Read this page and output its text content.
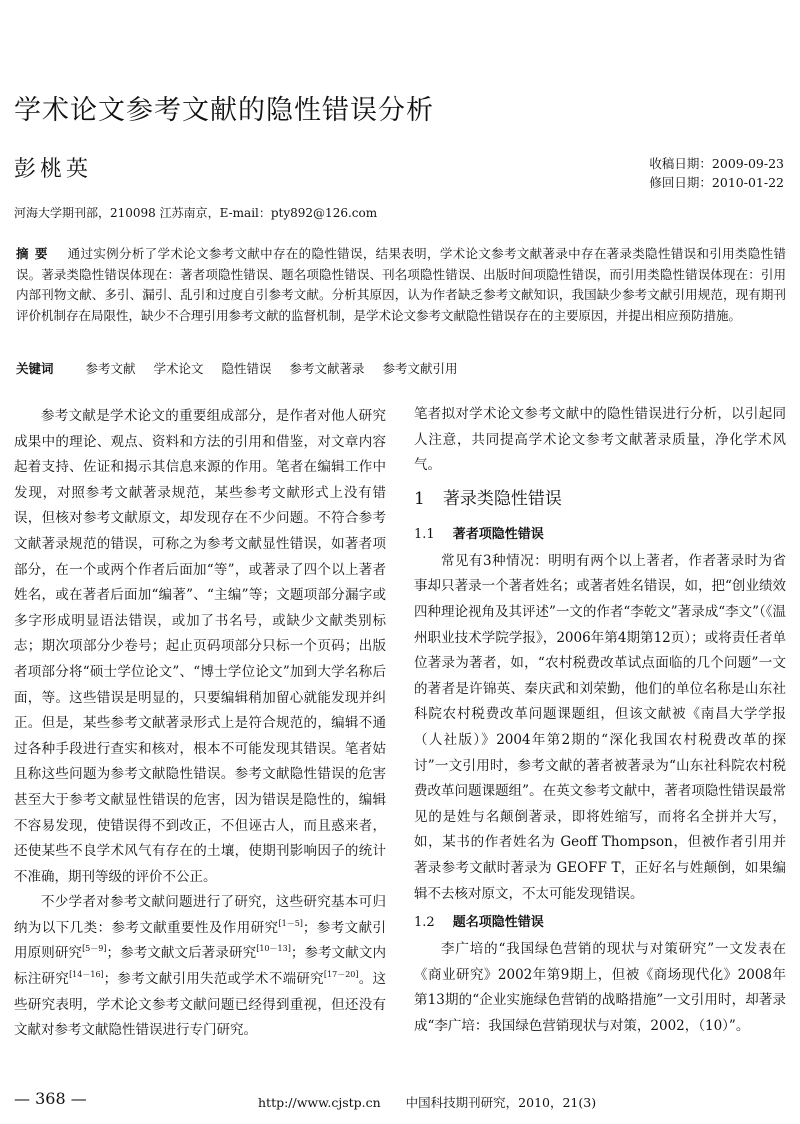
学术论文参考文献的隐性错误分析
彭桃英	收稿日期：2009-09-23
修回日期：2010-01-22
河海大学期刊部，210098 江苏南京，E-mail：pty892@126.com
摘要 通过实例分析了学术论文参考文献中存在的隐性错误，结果表明，学术论文参考文献著录中存在著录类隐性错误和引用类隐性错误。著录类隐性错误体现在：著者项隐性错误、题名项隐性错误、刊名项隐性错误、出版时间项隐性错误，而引用类隐性错误体现在：引用内部刊物文献、多引、漏引、乱引和过度自引参考文献。分析其原因，认为作者缺乏参考文献知识，我国缺少参考文献引用规范，现有期刊评价机制存在局限性，缺少不合理引用参考文献的监督机制，是学术论文参考文献隐性错误存在的主要原因，并提出相应预防措施。
关键词	参考文献 学术论文 隐性错误 参考文献著录 参考文献引用

参考文献是学术论文的重要组成部分，是作者对他人研究成果中的理论、观点、资料和方法的引用和借鉴，对文章内容起着支持、佐证和揭示其信息来源的作用。笔者在编辑工作中发现，对照参考文献著录规范，某些参考文献形式上没有错误，但核对参考文献原文，却发现存在不少问题。不符合参考文献著录规范的错误，可称之为参考文献显性错误，如著者项部分，在一个或两个作者后面加“等”，或著录了四个以上著者姓名，或在著者后面加“编著”、“主编”等；文题项部分漏字或多字形成明显语法错误，或加了书名号，或缺少文献类别标志；期次项部分少卷号；起止页码项部分只标一个页码；出版者项部分将“硕士学位论文”、“博士学位论文”加到大学名称后面，等。这些错误是明显的，只要编辑稍加留心就能发现并纠正。但是，某些参考文献著录形式上是符合规范的，编辑不通过各种手段进行查实和核对，根本不可能发现其错误。笔者姑且称这些问题为参考文献隐性错误。参考文献隐性错误的危害甚至大于参考文献显性错误的危害，因为错误是隐性的，编辑不容易发现，使错误得不到改正，不但诬古人，而且惑来者，还使某些不良学术风气有存在的土壤，使期刊影响因子的统计不准确，期刊等级的评价不公正。

不少学者对参考文献问题进行了研究，这些研究基本可归纳为以下几类：参考文献重要性及作用研究[1－5]；参考文献引用原则研究[5－9]；参考文献文后著录研究[10－13]；参考文献文内标注研究[14－16]；参考文献引用失范或学术不端研究[17－20]。这些研究表明，学术论文参考文献问题已经得到重视，但还没有文献对参考文献隐性错误进行专门研究。

笔者拟对学术论文参考文献中的隐性错误进行分析，以引起同人注意，共同提高学术论文参考文献著录质量，净化学术风气。

1 著录类隐性错误
1.1 著者项隐性错误

常见有3种情况：明明有两个以上著者，作者著录时为省事却只著录一个著者姓名；或著者姓名错误，如，把“创业绩效四种理论视角及其评述”一文的作者“李乾文”著录成“李文”（《温州职业技术学院学报》，2006年第4期第12页）；或将责任者单位著录为著者，如，“农村税费改革试点面临的几个问题”一文的著者是许锦英、秦庆武和刘荣勤，他们的单位名称是山东社科院农村税费改革问题课题组，但该文献被《南昌大学学报（人社版）》2004年第2期的“深化我国农村税费改革的探讨”一文引用时，参考文献的著者被著录为“山东社科院农村税费改革问题课题组”。在英文参考文献中，著者项隐性错误最常见的是姓与名颠倒著录，即将姓缩写，而将名全拼并大写，如，某书的作者姓名为 Geoff Thompson，但被作者引用并著录参考文献时著录为 GEOFF T，正好名与姓颠倒，如果编辑不去核对原文，不太可能发现错误。

1.2 题名项隐性错误

李广培的“我国绿色营销的现状与对策研究”一文发表在《商业研究》2002年第9期上，但被《商场现代化》2008年第13期的“企业实施绿色营销的战略措施”一文引用时，却著录成“李广培：我国绿色营销现状与对策，2002，（10）”。

— 368 —	http://www.cjstp.cn　　中国科技期刊研究，2010，21(3)
